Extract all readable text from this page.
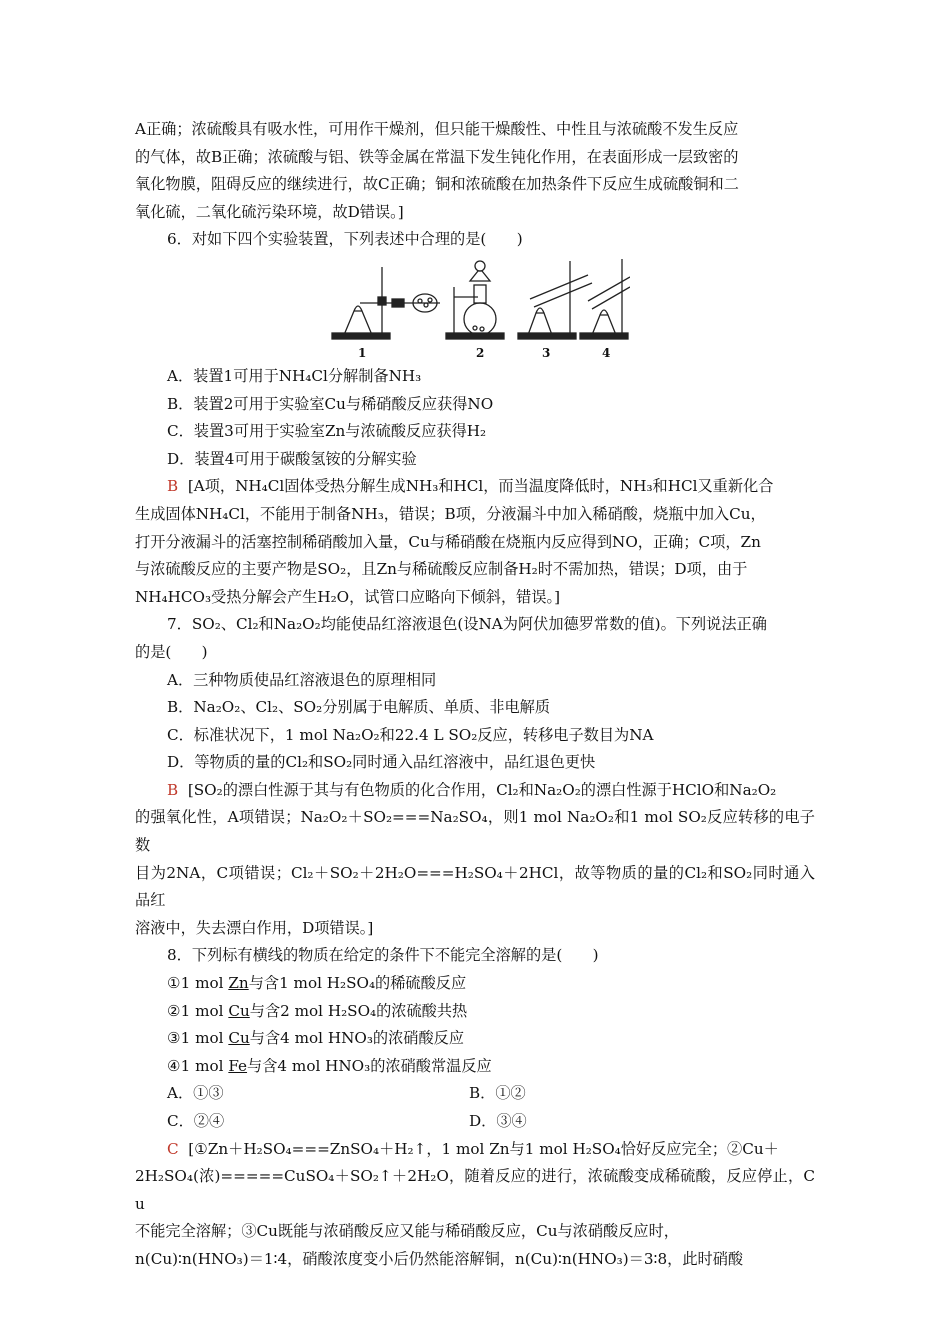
A正确；浓硫酸具有吸水性，可用作干燥剂，但只能干燥酸性、中性且与浓硫酸不发生反应

的气体，故B正确；浓硫酸与铝、铁等金属在常温下发生钝化作用，在表面形成一层致密的

氧化物膜，阻碍反应的继续进行，故C正确；铜和浓硫酸在加热条件下反应生成硫酸铜和二

氧化硫，二氧化硫污染环境，故D错误。]

6．对如下四个实验装置，下列表述中合理的是(　　)

1	2	3	4

A．装置1可用于NH₄Cl分解制备NH₃

B．装置2可用于实验室Cu与稀硝酸反应获得NO

C．装置3可用于实验室Zn与浓硫酸反应获得H₂

D．装置4可用于碳酸氢铵的分解实验

B [A项，NH₄Cl固体受热分解生成NH₃和HCl，而当温度降低时，NH₃和HCl又重新化合

生成固体NH₄Cl，不能用于制备NH₃，错误；B项，分液漏斗中加入稀硝酸，烧瓶中加入Cu，

打开分液漏斗的活塞控制稀硝酸加入量，Cu与稀硝酸在烧瓶内反应得到NO，正确；C项，Zn

与浓硫酸反应的主要产物是SO₂，且Zn与稀硫酸反应制备H₂时不需加热，错误；D项，由于

NH₄HCO₃受热分解会产生H₂O，试管口应略向下倾斜，错误。]

7．SO₂、Cl₂和Na₂O₂均能使品红溶液退色(设NA为阿伏加德罗常数的值)。下列说法正确

的是(　　)

A．三种物质使品红溶液退色的原理相同

B．Na₂O₂、Cl₂、SO₂分别属于电解质、单质、非电解质

C．标准状况下，1 mol Na₂O₂和22.4 L SO₂反应，转移电子数目为NA

D．等物质的量的Cl₂和SO₂同时通入品红溶液中，品红退色更快

B [SO₂的漂白性源于其与有色物质的化合作用，Cl₂和Na₂O₂的漂白性源于HClO和Na₂O₂

的强氧化性，A项错误；Na₂O₂＋SO₂===Na₂SO₄，则1 mol Na₂O₂和1 mol SO₂反应转移的电子数

目为2NA，C项错误；Cl₂＋SO₂＋2H₂O===H₂SO₄＋2HCl，故等物质的量的Cl₂和SO₂同时通入品红

溶液中，失去漂白作用，D项错误。]

8．下列标有横线的物质在给定的条件下不能完全溶解的是(　　)

①1 mol Zn与含1 mol H₂SO₄的稀硫酸反应

②1 mol Cu与含2 mol H₂SO₄的浓硫酸共热

③1 mol Cu与含4 mol HNO₃的浓硝酸反应

④1 mol Fe与含4 mol HNO₃的浓硝酸常温反应

A．①③	B．①②
C．②④	D．③④

C [①Zn＋H₂SO₄===ZnSO₄＋H₂↑，1 mol Zn与1 mol H₂SO₄恰好反应完全；②Cu＋

2H₂SO₄(浓)=====CuSO₄＋SO₂↑＋2H₂O，随着反应的进行，浓硫酸变成稀硫酸，反应停止，Cu

不能完全溶解；③Cu既能与浓硝酸反应又能与稀硝酸反应，Cu与浓硝酸反应时，

n(Cu)∶n(HNO₃)＝1∶4，硝酸浓度变小后仍然能溶解铜，n(Cu)∶n(HNO₃)＝3∶8，此时硝酸
